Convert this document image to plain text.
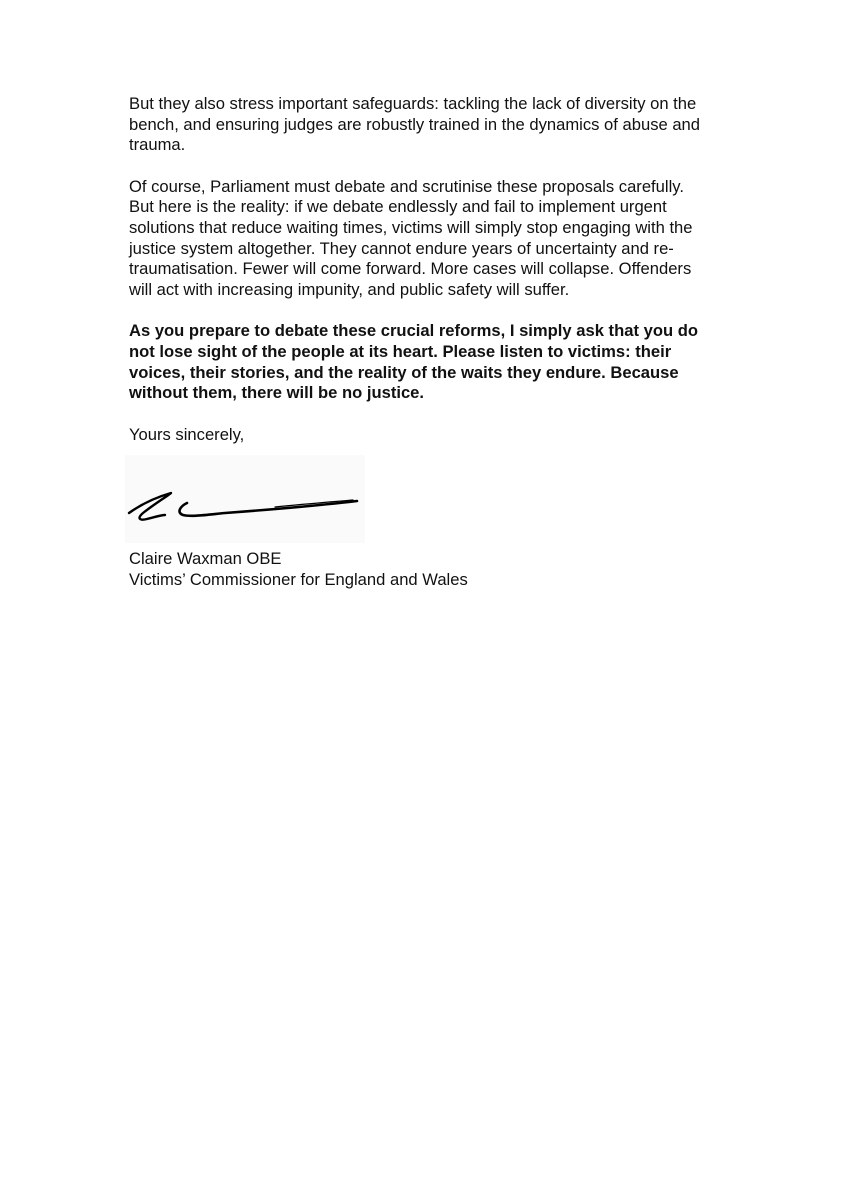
But they also stress important safeguards: tackling the lack of diversity on the
bench, and ensuring judges are robustly trained in the dynamics of abuse and
trauma.

Of course, Parliament must debate and scrutinise these proposals carefully.
But here is the reality: if we debate endlessly and fail to implement urgent
solutions that reduce waiting times, victims will simply stop engaging with the
justice system altogether. They cannot endure years of uncertainty and re-
traumatisation. Fewer will come forward. More cases will collapse. Offenders
will act with increasing impunity, and public safety will suffer.

As you prepare to debate these crucial reforms, I simply ask that you do
not lose sight of the people at its heart. Please listen to victims: their
voices, their stories, and the reality of the waits they endure. Because
without them, there will be no justice.

Yours sincerely,

Claire Waxman OBE
Victims’ Commissioner for England and Wales
